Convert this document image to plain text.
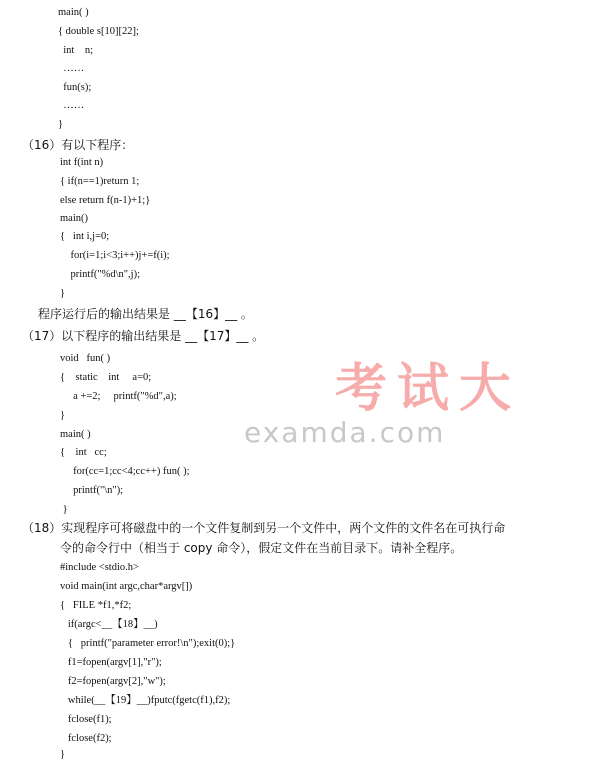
main( )
{ double s[10][22];
int    n;
……
fun(s);
……
}
（16）有以下程序：
int f(int n)
{ if(n==1)return 1;
else return f(n-1)+1;}
main()
{   int i,j=0;
for(i=1;i<3;i++)j+=f(i);
printf("%d\n",j);
}
程序运行后的输出结果是 __【16】__ 。
（17）以下程序的输出结果是 __【17】__ 。
void   fun( )
{    static    int     a=0;
a +=2;     printf("%d",a);
}
main( )
{    int   cc;
for(cc=1;cc<4;cc++) fun( );
printf("\n");
}
（18）实现程序可将磁盘中的一个文件复制到另一个文件中，两个文件的文件名在可执行命
令的命令行中（相当于 copy 命令），假定文件在当前目录下。请补全程序。
#include <stdio.h>
void main(int argc,char*argv[])
{   FILE *f1,*f2;
if(argc<__【18】__)
{   printf("parameter error!\n");exit(0);}
f1=fopen(argv[1],"r");
f2=fopen(argv[2],"w");
while(__【19】__)fputc(fgetc(f1),f2);
fclose(f1);
fclose(f2);
}
考试大
examda.com
